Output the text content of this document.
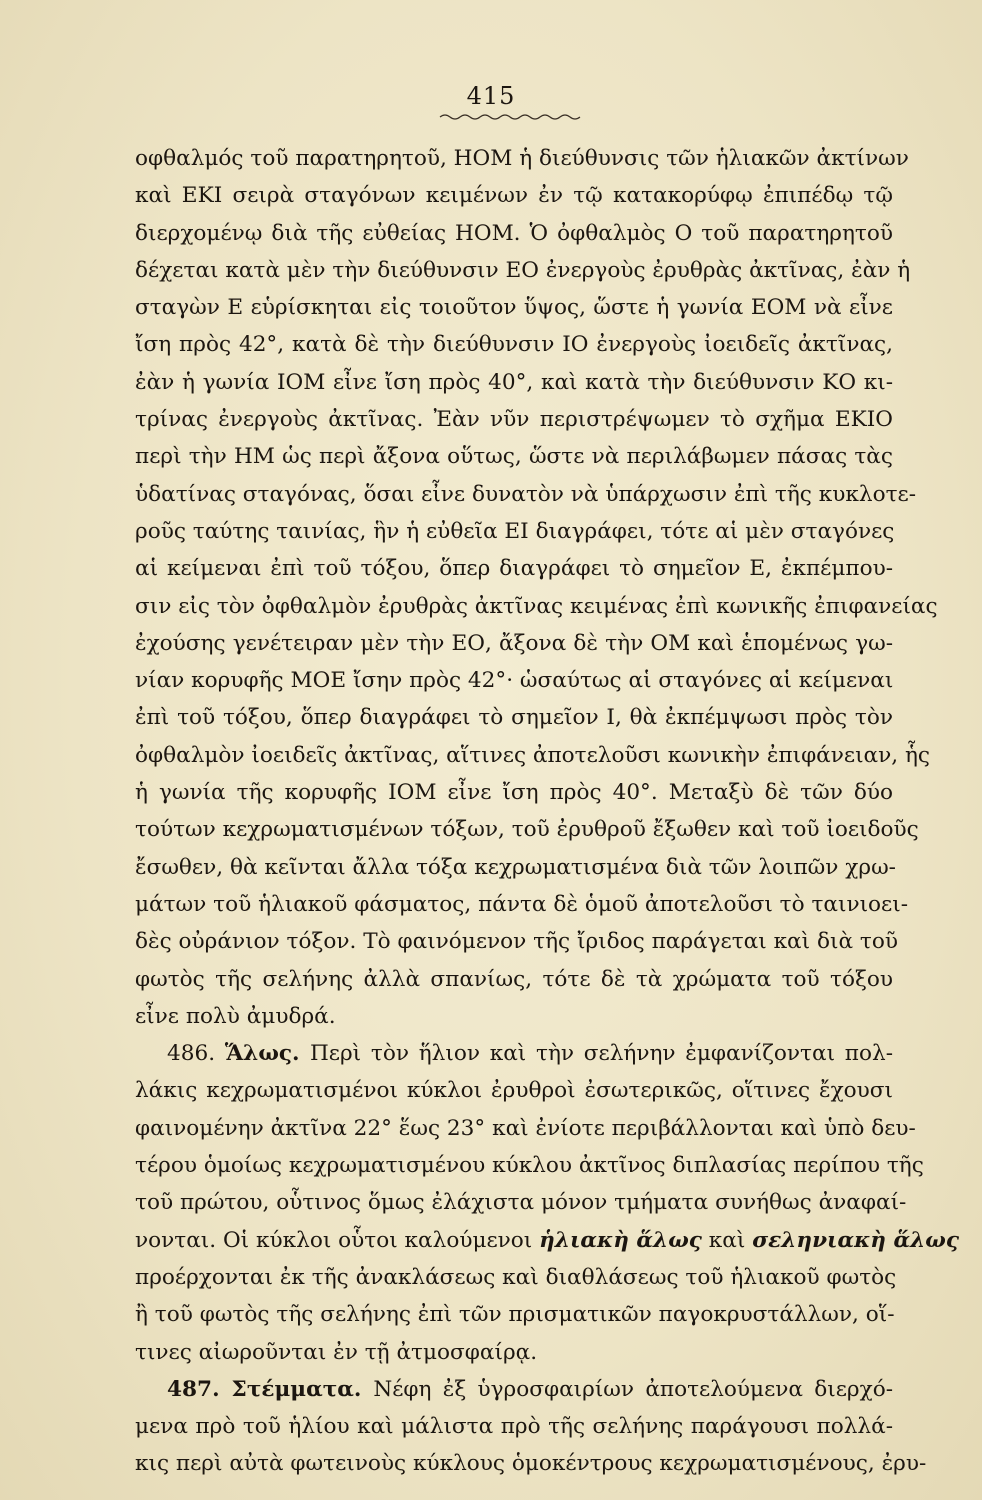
415
οφθαλμός τοῦ παρατηρητοῦ, ΗΟΜ ἡ διεύθυνσις τῶν ἡλιακῶν ἀκτίνων
καὶ ΕΚΙ σειρὰ σταγόνων κειμένων ἐν τῷ κατακορύφῳ ἐπιπέδῳ τῷ
διερχομένῳ διὰ τῆς εὐθείας ΗΟΜ. Ὁ ὀφθαλμὸς Ο τοῦ παρατηρητοῦ
δέχεται κατὰ μὲν τὴν διεύθυνσιν ΕΟ ἐνεργοὺς ἐρυθρὰς ἀκτῖνας, ἐὰν ἡ
σταγὼν Ε εὑρίσκηται εἰς τοιοῦτον ὕψος, ὥστε ἡ γωνία ΕΟΜ νὰ εἶνε
ἴση πρὸς 42°, κατὰ δὲ τὴν διεύθυνσιν ΙΟ ἐνεργοὺς ἰοειδεῖς ἀκτῖνας,
ἐὰν ἡ γωνία ΙΟΜ εἶνε ἴση πρὸς 40°, καὶ κατὰ τὴν διεύθυνσιν ΚΟ κι-
τρίνας ἐνεργοὺς ἀκτῖνας. Ἐὰν νῦν περιστρέψωμεν τὸ σχῆμα ΕΚΙΟ
περὶ τὴν ΗΜ ὡς περὶ ἄξονα οὕτως, ὥστε νὰ περιλάβωμεν πάσας τὰς
ὑδατίνας σταγόνας, ὅσαι εἶνε δυνατὸν νὰ ὑπάρχωσιν ἐπὶ τῆς κυκλοτε-
ροῦς ταύτης ταινίας, ἣν ἡ εὐθεῖα ΕΙ διαγράφει, τότε αἱ μὲν σταγόνες
αἱ κείμεναι ἐπὶ τοῦ τόξου, ὅπερ διαγράφει τὸ σημεῖον Ε, ἐκπέμπου-
σιν εἰς τὸν ὀφθαλμὸν ἐρυθρὰς ἀκτῖνας κειμένας ἐπὶ κωνικῆς ἐπιφανείας
ἐχούσης γενέτειραν μὲν τὴν ΕΟ, ἄξονα δὲ τὴν ΟΜ καὶ ἑπομένως γω-
νίαν κορυφῆς ΜΟΕ ἴσην πρὸς 42°· ὡσαύτως αἱ σταγόνες αἱ κείμεναι
ἐπὶ τοῦ τόξου, ὅπερ διαγράφει τὸ σημεῖον Ι, θὰ ἐκπέμψωσι πρὸς τὸν
ὀφθαλμὸν ἰοειδεῖς ἀκτῖνας, αἵτινες ἀποτελοῦσι κωνικὴν ἐπιφάνειαν, ἧς
ἡ γωνία τῆς κορυφῆς ΙΟΜ εἶνε ἴση πρὸς 40°. Μεταξὺ δὲ τῶν δύο
τούτων κεχρωματισμένων τόξων, τοῦ ἐρυθροῦ ἔξωθεν καὶ τοῦ ἰοειδοῦς
ἔσωθεν, θὰ κεῖνται ἄλλα τόξα κεχρωματισμένα διὰ τῶν λοιπῶν χρω-
μάτων τοῦ ἡλιακοῦ φάσματος, πάντα δὲ ὁμοῦ ἀποτελοῦσι τὸ ταινιοει-
δὲς οὐράνιον τόξον. Τὸ φαινόμενον τῆς ἴριδος παράγεται καὶ διὰ τοῦ
φωτὸς τῆς σελήνης ἀλλὰ σπανίως, τότε δὲ τὰ χρώματα τοῦ τόξου
εἶνε πολὺ ἀμυδρά.
486. Ἅλως. Περὶ τὸν ἥλιον καὶ τὴν σελήνην ἐμφανίζονται πολ-
λάκις κεχρωματισμένοι κύκλοι ἐρυθροὶ ἐσωτερικῶς, οἵτινες ἔχουσι
φαινομένην ἀκτῖνα 22° ἕως 23° καὶ ἐνίοτε περιβάλλονται καὶ ὑπὸ δευ-
τέρου ὁμοίως κεχρωματισμένου κύκλου ἀκτῖνος διπλασίας περίπου τῆς
τοῦ πρώτου, οὗτινος ὅμως ἐλάχιστα μόνον τμήματα συνήθως ἀναφαί-
νονται. Οἱ κύκλοι οὗτοι καλούμενοι ἡλιακὴ ἅλως καὶ σεληνιακὴ ἅλως
προέρχονται ἐκ τῆς ἀνακλάσεως καὶ διαθλάσεως τοῦ ἡλιακοῦ φωτὸς
ἢ τοῦ φωτὸς τῆς σελήνης ἐπὶ τῶν πρισματικῶν παγοκρυστάλλων, οἵ-
τινες αἰωροῦνται ἐν τῇ ἀτμοσφαίρᾳ.
487. Στέμματα. Νέφη ἐξ ὑγροσφαιρίων ἀποτελούμενα διερχό-
μενα πρὸ τοῦ ἡλίου καὶ μάλιστα πρὸ τῆς σελήνης παράγουσι πολλά-
κις περὶ αὐτὰ φωτεινοὺς κύκλους ὁμοκέντρους κεχρωματισμένους, ἐρυ-
